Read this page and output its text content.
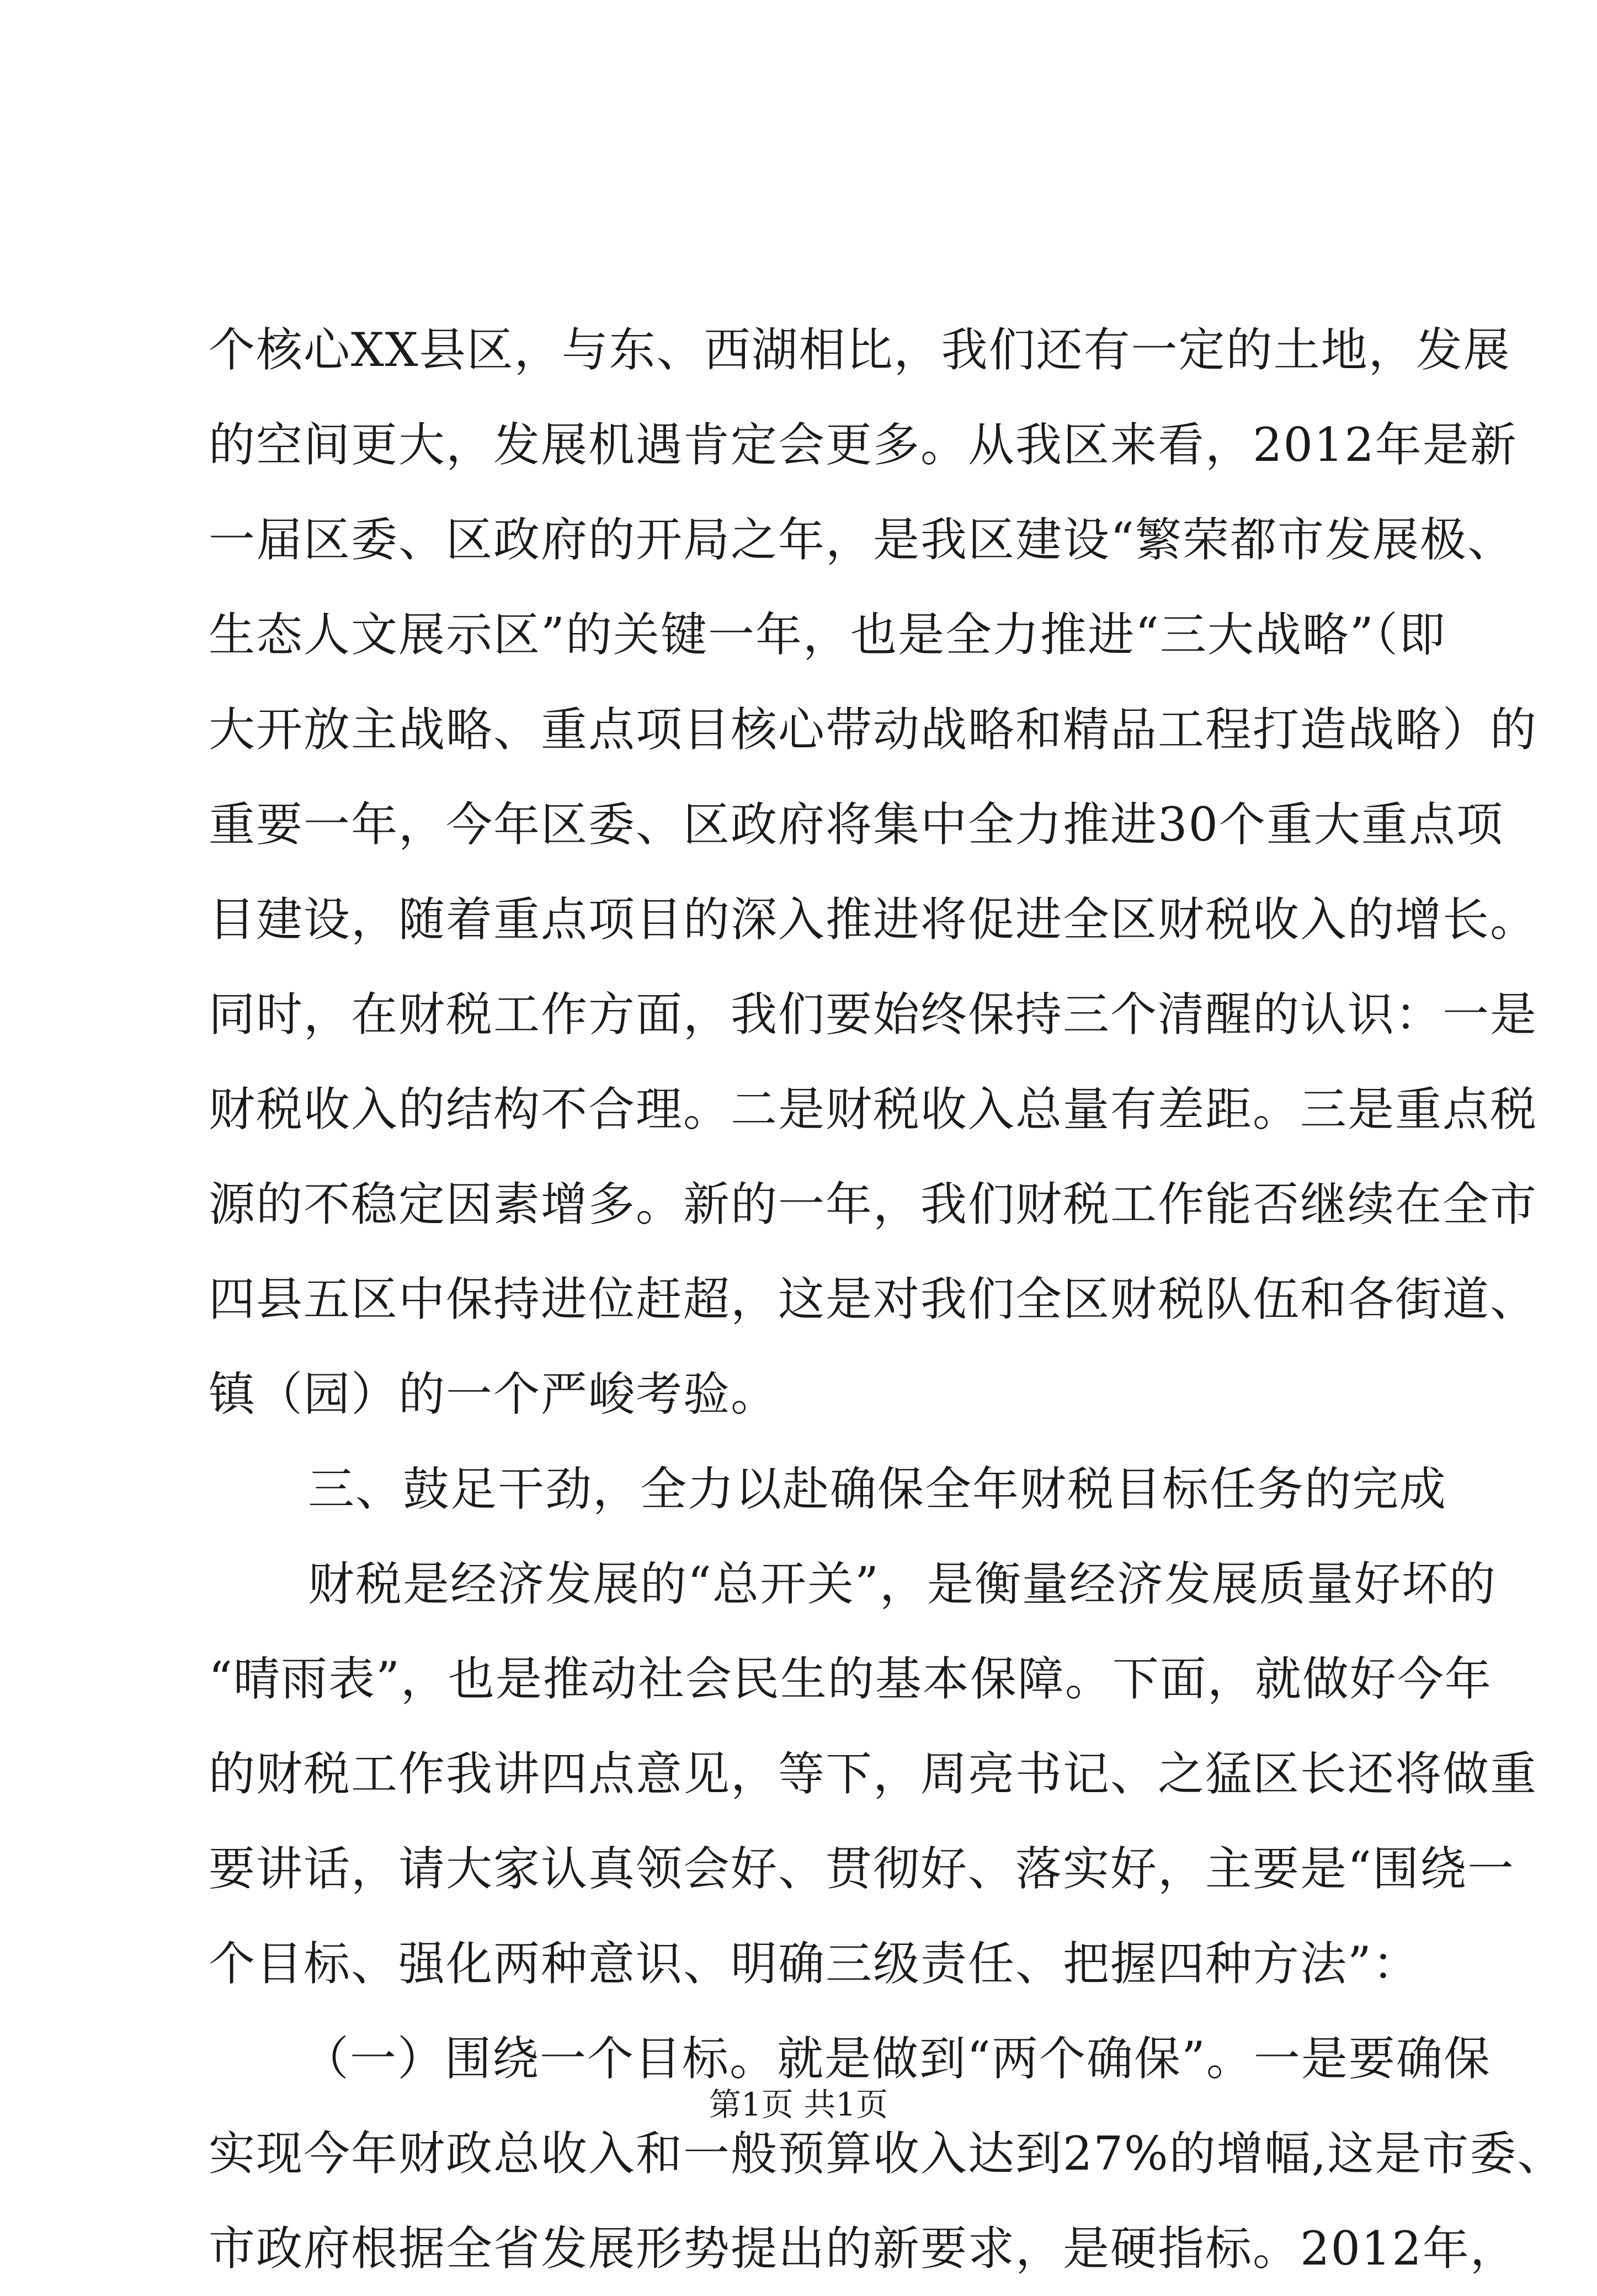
个核心XX县区，与东、西湖相比，我们还有一定的土地，发展
的空间更大，发展机遇肯定会更多。从我区来看，2012年是新
一届区委、区政府的开局之年，是我区建设“繁荣都市发展极、
生态人文展示区”的关键一年，也是全力推进“三大战略”（即
大开放主战略、重点项目核心带动战略和精品工程打造战略）的
重要一年，今年区委、区政府将集中全力推进30个重大重点项
目建设，随着重点项目的深入推进将促进全区财税收入的增长。
同时，在财税工作方面，我们要始终保持三个清醒的认识：一是
财税收入的结构不合理。二是财税收入总量有差距。三是重点税
源的不稳定因素增多。新的一年，我们财税工作能否继续在全市
四县五区中保持进位赶超，这是对我们全区财税队伍和各街道、
镇（园）的一个严峻考验。
三、鼓足干劲，全力以赴确保全年财税目标任务的完成
财税是经济发展的“总开关”，是衡量经济发展质量好坏的
“晴雨表”，也是推动社会民生的基本保障。下面，就做好今年
的财税工作我讲四点意见，等下，周亮书记、之猛区长还将做重
要讲话，请大家认真领会好、贯彻好、落实好，主要是“围绕一
个目标、强化两种意识、明确三级责任、把握四种方法”：
（一）围绕一个目标。就是做到“两个确保”。一是要确保
实现今年财政总收入和一般预算收入达到27%的增幅,这是市委、
市政府根据全省发展形势提出的新要求，是硬指标。2012年，
第1页 共1页
